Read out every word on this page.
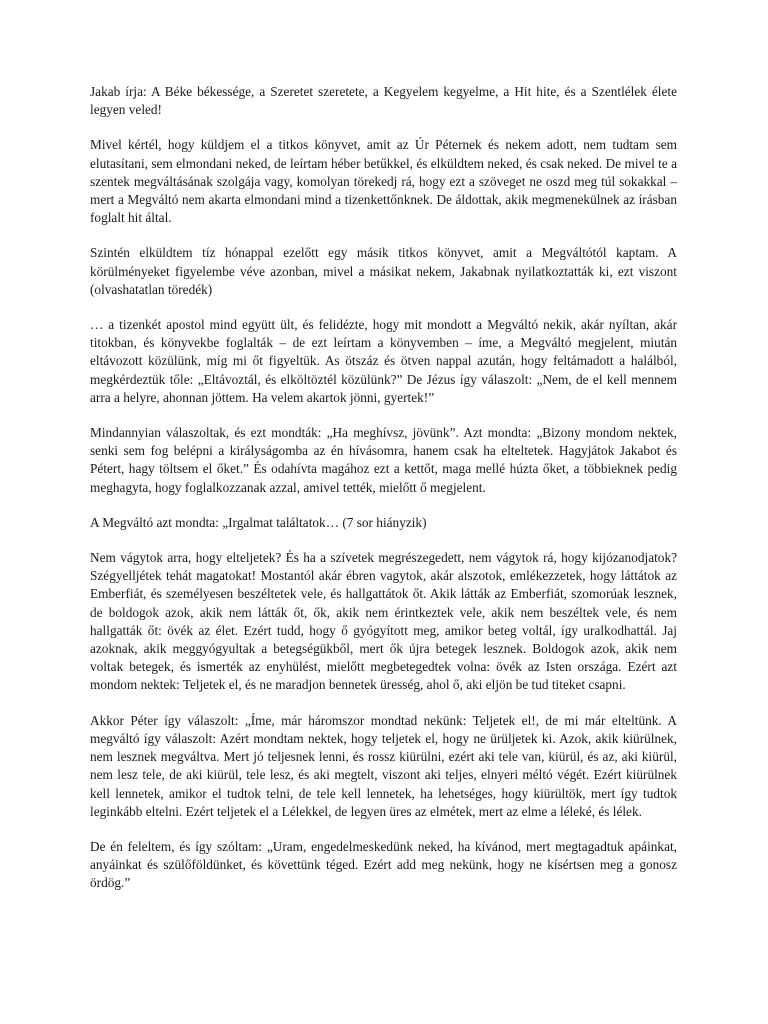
Jakab írja: A Béke békessége, a Szeretet szeretete, a Kegyelem kegyelme, a Hit hite, és a Szentlélek élete legyen veled!

Mivel kértél, hogy küldjem el a titkos könyvet, amit az Úr Péternek és nekem adott, nem tudtam sem elutasítani, sem elmondani neked, de leírtam héber betűkkel, és elküldtem neked, és csak neked. De mivel te a szentek megváltásának szolgája vagy, komolyan törekedj rá, hogy ezt a szöveget ne oszd meg túl sokakkal – mert a Megváltó nem akarta elmondani mind a tizenkettőnknek. De áldottak, akik megmenekülnek az írásban foglalt hit által.

Szintén elküldtem tíz hónappal ezelőtt egy másik titkos könyvet, amit a Megváltótól kaptam. A körülményeket figyelembe véve azonban, mivel a másikat nekem, Jakabnak nyilatkoztatták ki, ezt viszont (olvashatatlan töredék)

… a tizenkét apostol mind együtt ült, és felidézte, hogy mit mondott a Megváltó nekik, akár nyíltan, akár titokban, és könyvekbe foglalták – de ezt leírtam a könyvemben – íme, a Megváltó megjelent, miután eltávozott közülünk, míg mi őt figyeltük. As ötszáz és ötven nappal azután, hogy feltámadott a halálból, megkérdeztük tőle: „Eltávoztál, és elköltöztél közülünk?” De Jézus így válaszolt: „Nem, de el kell mennem arra a helyre, ahonnan jöttem. Ha velem akartok jönni, gyertek!”

Mindannyian válaszoltak, és ezt mondták: „Ha meghívsz, jövünk”. Azt mondta: „Bizony mondom nektek, senki sem fog belépni a királyságomba az én hívásomra, hanem csak ha elteltetek. Hagyjátok Jakabot és Pétert, hagy töltsem el őket.” És odahívta magához ezt a kettőt, maga mellé húzta őket, a többieknek pedig meghagyta, hogy foglalkozzanak azzal, amivel tették, mielőtt ő megjelent.

A Megváltó azt mondta: „Irgalmat találtatok… (7 sor hiányzik)

Nem vágytok arra, hogy elteljetek? És ha a szívetek megrészegedett, nem vágytok rá, hogy kijózanodjatok? Szégyelljétek tehát magatokat! Mostantól akár ébren vagytok, akár alszotok, emlékezzetek, hogy láttátok az Emberfiát, és személyesen beszéltetek vele, és hallgattátok őt. Akik látták az Emberfiát, szomorúak lesznek, de boldogok azok, akik nem látták őt, ők, akik nem érintkeztek vele, akik nem beszéltek vele, és nem hallgatták őt: övék az élet. Ezért tudd, hogy ő gyógyított meg, amikor beteg voltál, így uralkodhattál. Jaj azoknak, akik meggyógyultak a betegségükből, mert ők újra betegek lesznek. Boldogok azok, akik nem voltak betegek, és ismerték az enyhülést, mielőtt megbetegedtek volna: övék az Isten országa. Ezért azt mondom nektek: Teljetek el, és ne maradjon bennetek üresség, ahol ő, aki eljön be tud titeket csapni.

Akkor Péter így válaszolt: „Íme, már háromszor mondtad nekünk: Teljetek el!, de mi már elteltünk. A megváltó így válaszolt: Azért mondtam nektek, hogy teljetek el, hogy ne ürüljetek ki. Azok, akik kiürülnek, nem lesznek megváltva. Mert jó teljesnek lenni, és rossz kiürülni, ezért aki tele van, kiürül, és az, aki kiürül, nem lesz tele, de aki kiürül, tele lesz, és aki megtelt, viszont aki teljes, elnyeri méltó végét. Ezért kiürülnek kell lennetek, amikor el tudtok telni, de tele kell lennetek, ha lehetséges, hogy kiürültök, mert így tudtok leginkább eltelni. Ezért teljetek el a Lélekkel, de legyen üres az elmétek, mert az elme a léleké, és lélek.

De én feleltem, és így szóltam: „Uram, engedelmeskedünk neked, ha kívánod, mert megtagadtuk apáinkat, anyáinkat és szülőföldünket, és követtünk téged. Ezért add meg nekünk, hogy ne kísértsen meg a gonosz ördög.”
